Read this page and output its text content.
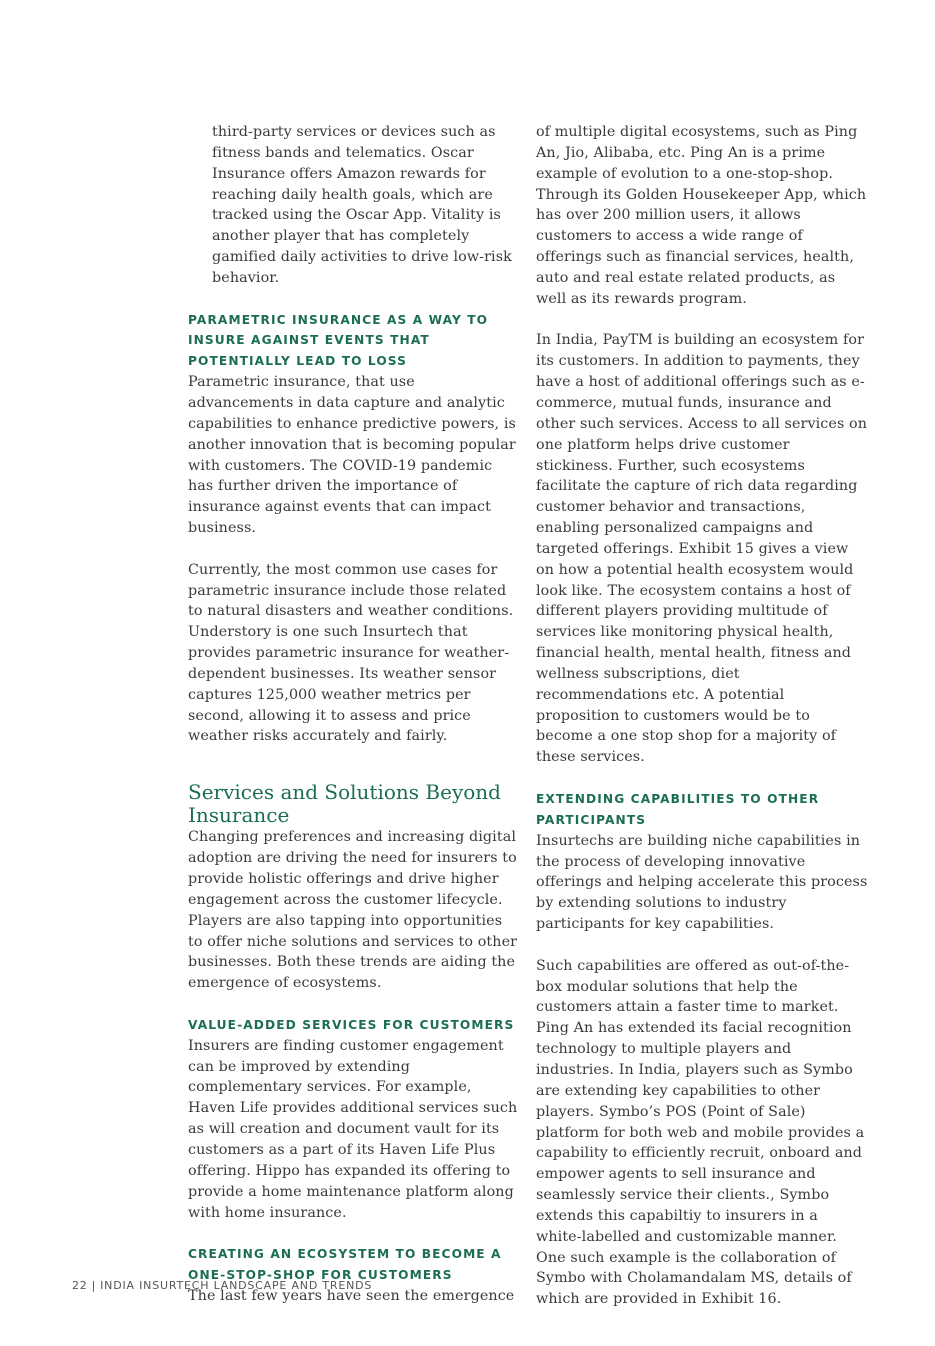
third-party services or devices such as fitness bands and telematics. Oscar Insurance offers Amazon rewards for reaching daily health goals, which are tracked using the Oscar App. Vitality is another player that has completely gamified daily activities to drive low-risk behavior.

PARAMETRIC INSURANCE AS A WAY TO INSURE AGAINST EVENTS THAT POTENTIALLY LEAD TO LOSS

Parametric insurance, that use advancements in data capture and analytic capabilities to enhance predictive powers, is another innovation that is becoming popular with customers. The COVID-19 pandemic has further driven the importance of insurance against events that can impact business.

Currently, the most common use cases for parametric insurance include those related to natural disasters and weather conditions. Understory is one such Insurtech that provides parametric insurance for weather-dependent businesses. Its weather sensor captures 125,000 weather metrics per second, allowing it to assess and price weather risks accurately and fairly.

Services and Solutions Beyond Insurance

Changing preferences and increasing digital adoption are driving the need for insurers to provide holistic offerings and drive higher engagement across the customer lifecycle. Players are also tapping into opportunities to offer niche solutions and services to other businesses. Both these trends are aiding the emergence of ecosystems.

VALUE-ADDED SERVICES FOR CUSTOMERS

Insurers are finding customer engagement can be improved by extending complementary services. For example, Haven Life provides additional services such as will creation and document vault for its customers as a part of its Haven Life Plus offering. Hippo has expanded its offering to provide a home maintenance platform along with home insurance.

CREATING AN ECOSYSTEM TO BECOME A ONE-STOP-SHOP FOR CUSTOMERS

The last few years have seen the emergence

of multiple digital ecosystems, such as Ping An, Jio, Alibaba, etc. Ping An is a prime example of evolution to a one-stop-shop. Through its Golden Housekeeper App, which has over 200 million users, it allows customers to access a wide range of offerings such as financial services, health, auto and real estate related products, as well as its rewards program.

In India, PayTM is building an ecosystem for its customers. In addition to payments, they have a host of additional offerings such as e-commerce, mutual funds, insurance and other such services. Access to all services on one platform helps drive customer stickiness. Further, such ecosystems facilitate the capture of rich data regarding customer behavior and transactions, enabling personalized campaigns and targeted offerings. Exhibit 15 gives a view on how a potential health ecosystem would look like. The ecosystem contains a host of different players providing multitude of services like monitoring physical health, financial health, mental health, fitness and wellness subscriptions, diet recommendations etc. A potential proposition to customers would be to become a one stop shop for a majority of these services.

EXTENDING CAPABILITIES TO OTHER PARTICIPANTS

Insurtechs are building niche capabilities in the process of developing innovative offerings and helping accelerate this process by extending solutions to industry participants for key capabilities.

Such capabilities are offered as out-of-the-box modular solutions that help the customers attain a faster time to market. Ping An has extended its facial recognition technology to multiple players and industries. In India, players such as Symbo are extending key capabilities to other players. Symbo’s POS (Point of Sale) platform for both web and mobile provides a capability to efficiently recruit, onboard and empower agents to sell insurance and seamlessly service their clients., Symbo extends this capabiltiy to insurers in a white-labelled and customizable manner. One such example is the collaboration of Symbo with Cholamandalam MS, details of which are provided in Exhibit 16.

22 | INDIA INSURTECH LANDSCAPE AND TRENDS
